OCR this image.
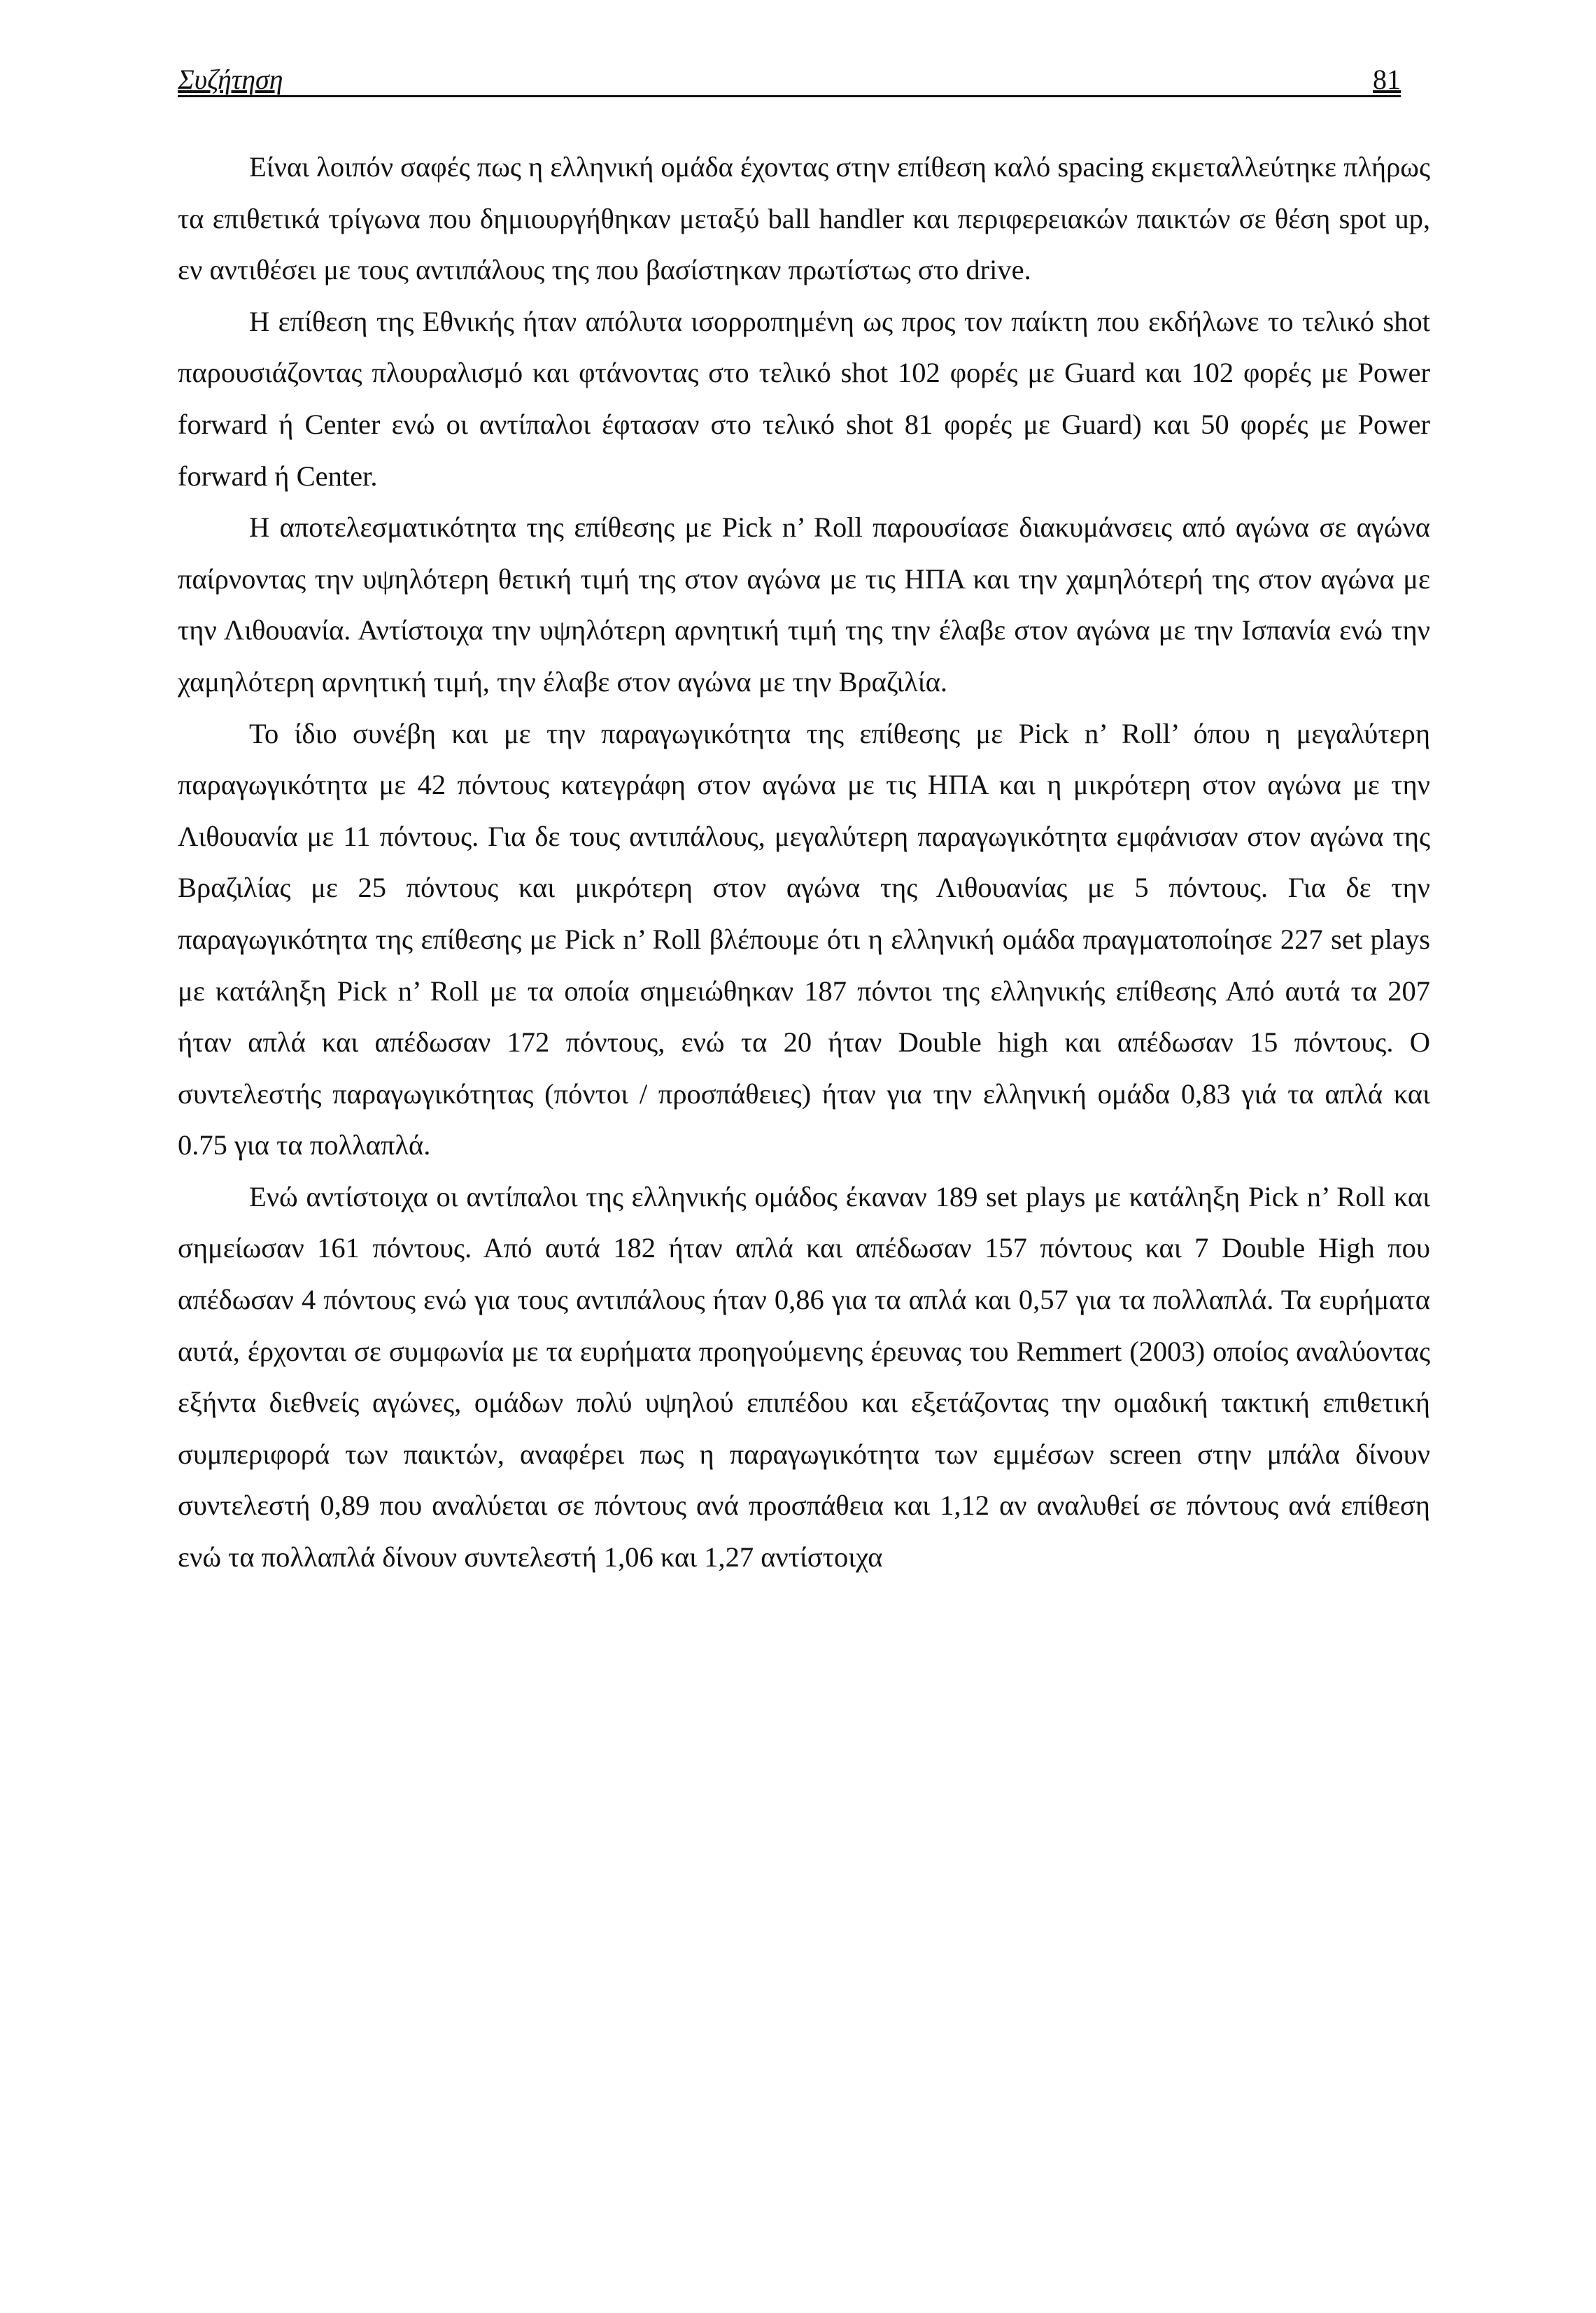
Συζήτηση	81

Είναι λοιπόν σαφές πως η ελληνική ομάδα έχοντας στην επίθεση καλό spacing εκμεταλλεύτηκε πλήρως τα επιθετικά τρίγωνα που δημιουργήθηκαν μεταξύ ball handler και περιφερειακών παικτών σε θέση spot up, εν αντιθέσει με τους αντιπάλους της που βασίστηκαν πρωτίστως στο drive.

Η επίθεση της Εθνικής ήταν απόλυτα ισορροπημένη ως προς τον παίκτη που εκδήλωνε το τελικό shot παρουσιάζοντας πλουραλισμό και φτάνοντας στο τελικό shot 102 φορές με Guard και 102 φορές με Power forward ή Center ενώ οι αντίπαλοι έφτασαν στο τελικό shot 81 φορές με Guard) και 50 φορές με Power forward ή Center.

Η αποτελεσματικότητα της επίθεσης με Pick n’ Roll παρουσίασε διακυμάνσεις από αγώνα σε αγώνα παίρνοντας την υψηλότερη θετική τιμή της στον αγώνα με τις ΗΠΑ και την χαμηλότερή της στον αγώνα με την Λιθουανία. Αντίστοιχα την υψηλότερη αρνητική τιμή της την έλαβε στον αγώνα με την Ισπανία ενώ την χαμηλότερη αρνητική τιμή, την έλαβε στον αγώνα με την Βραζιλία.

Το ίδιο συνέβη και με την παραγωγικότητα της επίθεσης με Pick n’ Roll’ όπου η μεγαλύτερη παραγωγικότητα με 42 πόντους κατεγράφη στον αγώνα με τις ΗΠΑ και η μικρότερη στον αγώνα με την Λιθουανία με 11 πόντους. Για δε τους αντιπάλους, μεγαλύτερη παραγωγικότητα εμφάνισαν στον αγώνα της Βραζιλίας με 25 πόντους και μικρότερη στον αγώνα της Λιθουανίας με 5 πόντους. Για δε την παραγωγικότητα της επίθεσης με Pick n’ Roll βλέπουμε ότι η ελληνική ομάδα πραγματοποίησε 227 set plays με κατάληξη Pick n’ Roll με τα οποία σημειώθηκαν 187 πόντοι της ελληνικής επίθεσης Από αυτά τα 207 ήταν απλά και απέδωσαν 172 πόντους, ενώ τα 20 ήταν Double high και απέδωσαν 15 πόντους. Ο συντελεστής παραγωγικότητας (πόντοι / προσπάθειες) ήταν για την ελληνική ομάδα 0,83 γιά τα απλά και 0.75 για τα πολλαπλά.

Ενώ αντίστοιχα οι αντίπαλοι της ελληνικής ομάδος έκαναν 189 set plays με κατάληξη Pick n’ Roll και σημείωσαν 161 πόντους. Από αυτά 182 ήταν απλά και απέδωσαν 157 πόντους και 7 Double High που απέδωσαν 4 πόντους ενώ για τους αντιπάλους ήταν 0,86 για τα απλά και 0,57 για τα πολλαπλά. Τα ευρήματα αυτά, έρχονται σε συμφωνία με τα ευρήματα προηγούμενης έρευνας του Remmert (2003) οποίος αναλύοντας εξήντα διεθνείς αγώνες, ομάδων πολύ υψηλού επιπέδου και εξετάζοντας την ομαδική τακτική επιθετική συμπεριφορά των παικτών, αναφέρει πως η παραγωγικότητα των εμμέσων screen στην μπάλα δίνουν συντελεστή 0,89 που αναλύεται σε πόντους ανά προσπάθεια και 1,12 αν αναλυθεί σε πόντους ανά επίθεση ενώ τα πολλαπλά δίνουν συντελεστή 1,06 και 1,27 αντίστοιχα
